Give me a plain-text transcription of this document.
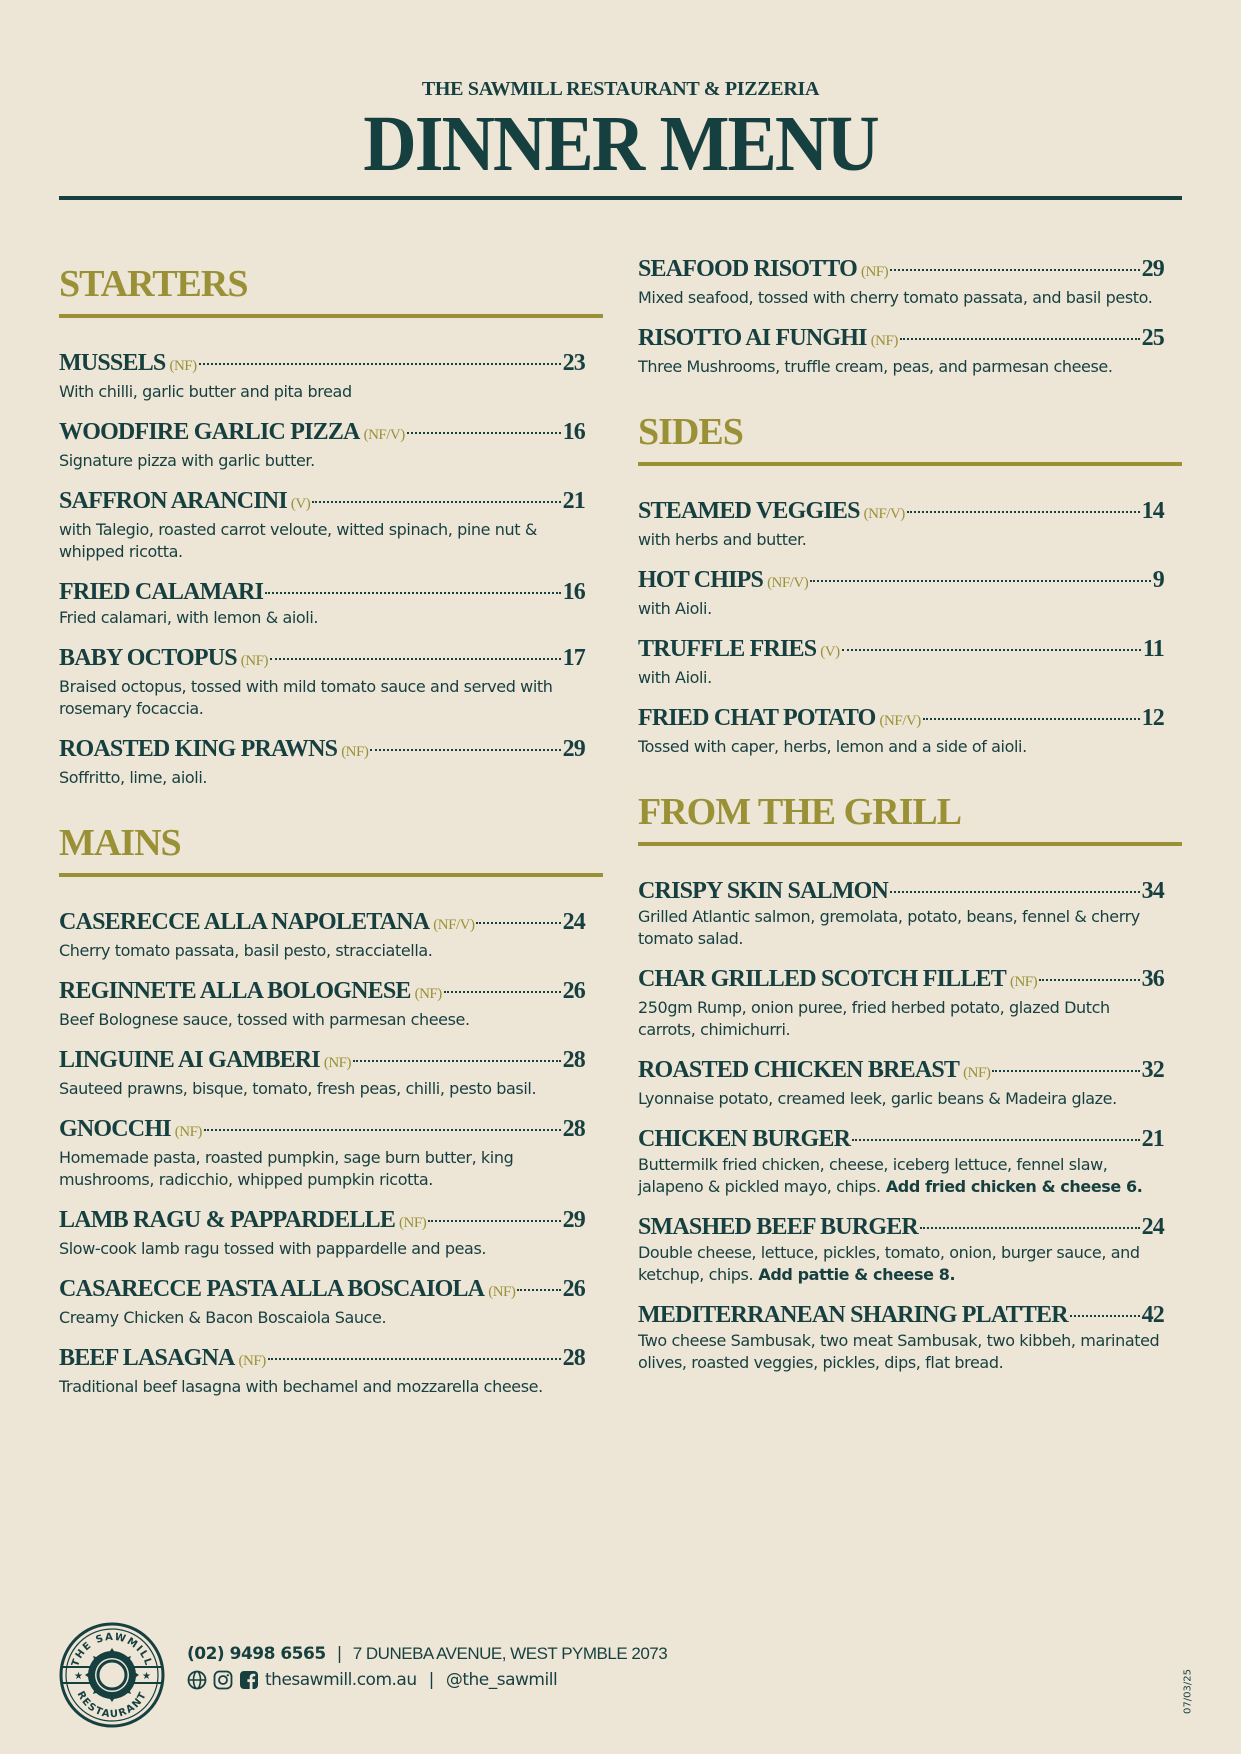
THE SAWMILL RESTAURANT & PIZZERIA
DINNER MENU
STARTERS
MUSSELS (NF)	23
With chilli, garlic butter and pita bread
WOODFIRE GARLIC PIZZA (NF/V)	16
Signature pizza with garlic butter.
SAFFRON ARANCINI (V)	21
with Talegio, roasted carrot veloute, witted spinach, pine nut & whipped ricotta.
FRIED CALAMARI	16
Fried calamari, with lemon & aioli.
BABY OCTOPUS (NF)	17
Braised octopus, tossed with mild tomato sauce and served with rosemary focaccia.
ROASTED KING PRAWNS (NF)	29
Soffritto, lime, aioli.
MAINS
CASERECCE ALLA NAPOLETANA (NF/V)	24
Cherry tomato passata, basil pesto, stracciatella.
REGINNETE ALLA BOLOGNESE (NF)	26
Beef Bolognese sauce, tossed with parmesan cheese.
LINGUINE AI GAMBERI (NF)	28
Sauteed prawns, bisque, tomato, fresh peas, chilli, pesto basil.
GNOCCHI (NF)	28
Homemade pasta, roasted pumpkin, sage burn butter, king mushrooms, radicchio, whipped pumpkin ricotta.
LAMB RAGU & PAPPARDELLE (NF)	29
Slow-cook lamb ragu tossed with pappardelle and peas.
CASARECCE PASTA ALLA BOSCAIOLA (NF) 26
Creamy Chicken & Bacon Boscaiola Sauce.
BEEF LASAGNA (NF)	28
Traditional beef lasagna with bechamel and mozzarella cheese.
SEAFOOD RISOTTO (NF)	29
Mixed seafood, tossed with cherry tomato passata, and basil pesto.
RISOTTO AI FUNGHI (NF)	25
Three Mushrooms, truffle cream, peas, and parmesan cheese.
SIDES
STEAMED VEGGIES (NF/V)	14
with herbs and butter.
HOT CHIPS (NF/V)	9
with Aioli.
TRUFFLE FRIES (V)	11
with Aioli.
FRIED CHAT POTATO (NF/V)	12
Tossed with caper, herbs, lemon and a side of aioli.
FROM THE GRILL
CRISPY SKIN SALMON	34
Grilled Atlantic salmon, gremolata, potato, beans, fennel & cherry tomato salad.
CHAR GRILLED SCOTCH FILLET (NF)	36
250gm Rump, onion puree, fried herbed potato, glazed Dutch carrots, chimichurri.
ROASTED CHICKEN BREAST (NF)	32
Lyonnaise potato, creamed leek, garlic beans & Madeira glaze.
CHICKEN BURGER	21
Buttermilk fried chicken, cheese, iceberg lettuce, fennel slaw, jalapeno & pickled mayo, chips. Add fried chicken & cheese 6.
SMASHED BEEF BURGER	24
Double cheese, lettuce, pickles, tomato, onion, burger sauce, and ketchup, chips. Add pattie & cheese 8.
MEDITERRANEAN SHARING PLATTER	42
Two cheese Sambusak, two meat Sambusak, two kibbeh, marinated olives, roasted veggies, pickles, dips, flat bread.
THE SAWMILL
RESTAURANT
★	★
(02) 9498 6565 | 7 DUNEBA AVENUE, WEST PYMBLE 2073
thesawmill.com.au | @the_sawmill	07/03/25
